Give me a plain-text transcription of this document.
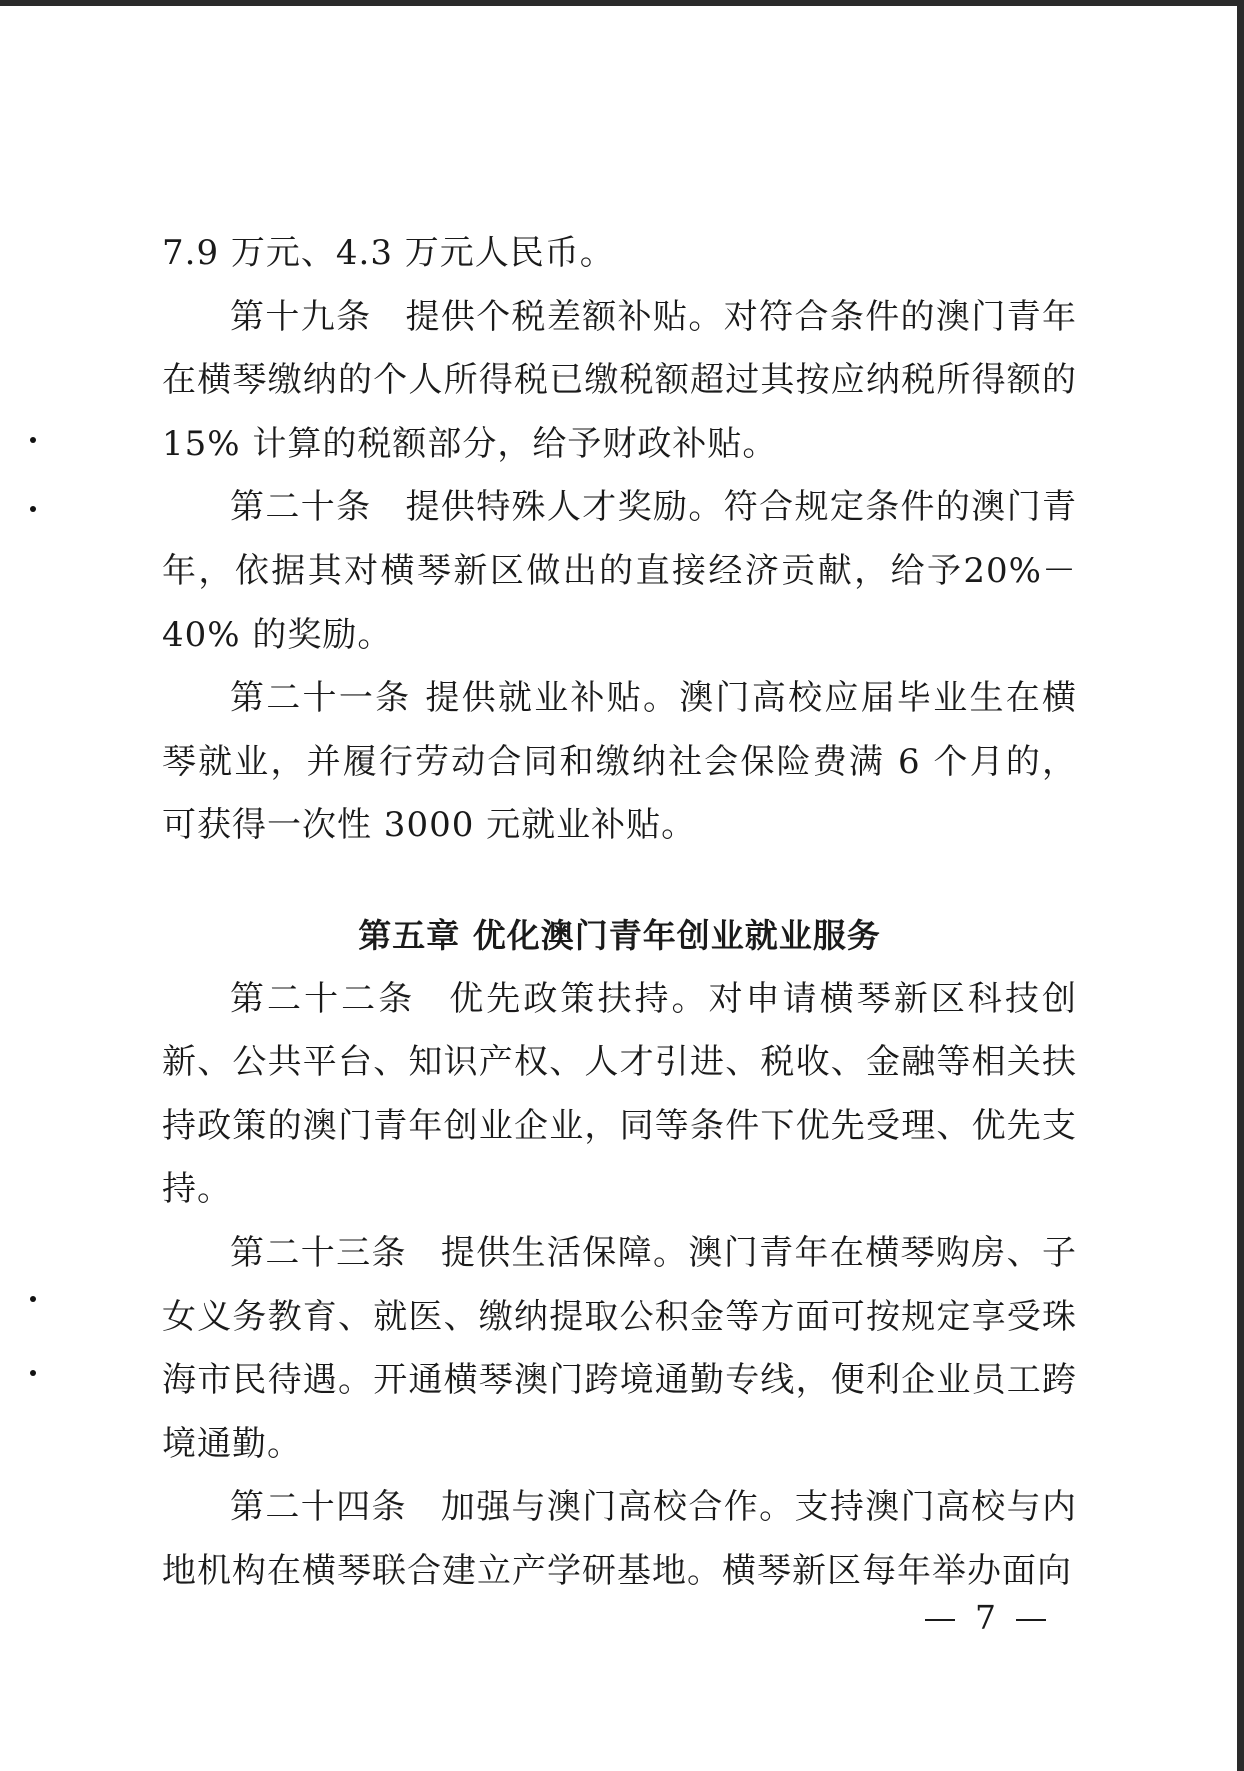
7.9 万元、4.3 万元人民币。

第十九条 提供个税差额补贴。对符合条件的澳门青年在横琴缴纳的个人所得税已缴税额超过其按应纳税所得额的15% 计算的税额部分，给予财政补贴。

第二十条 提供特殊人才奖励。符合规定条件的澳门青年，依据其对横琴新区做出的直接经济贡献，给予20%－40% 的奖励。

第二十一条 提供就业补贴。澳门高校应届毕业生在横琴就业，并履行劳动合同和缴纳社会保险费满 6 个月的，可获得一次性 3000 元就业补贴。

第五章 优化澳门青年创业就业服务

第二十二条 优先政策扶持。对申请横琴新区科技创新、公共平台、知识产权、人才引进、税收、金融等相关扶持政策的澳门青年创业企业，同等条件下优先受理、优先支持。

第二十三条 提供生活保障。澳门青年在横琴购房、子女义务教育、就医、缴纳提取公积金等方面可按规定享受珠海市民待遇。开通横琴澳门跨境通勤专线，便利企业员工跨境通勤。

第二十四条 加强与澳门高校合作。支持澳门高校与内地机构在横琴联合建立产学研基地。横琴新区每年举办面向

7
